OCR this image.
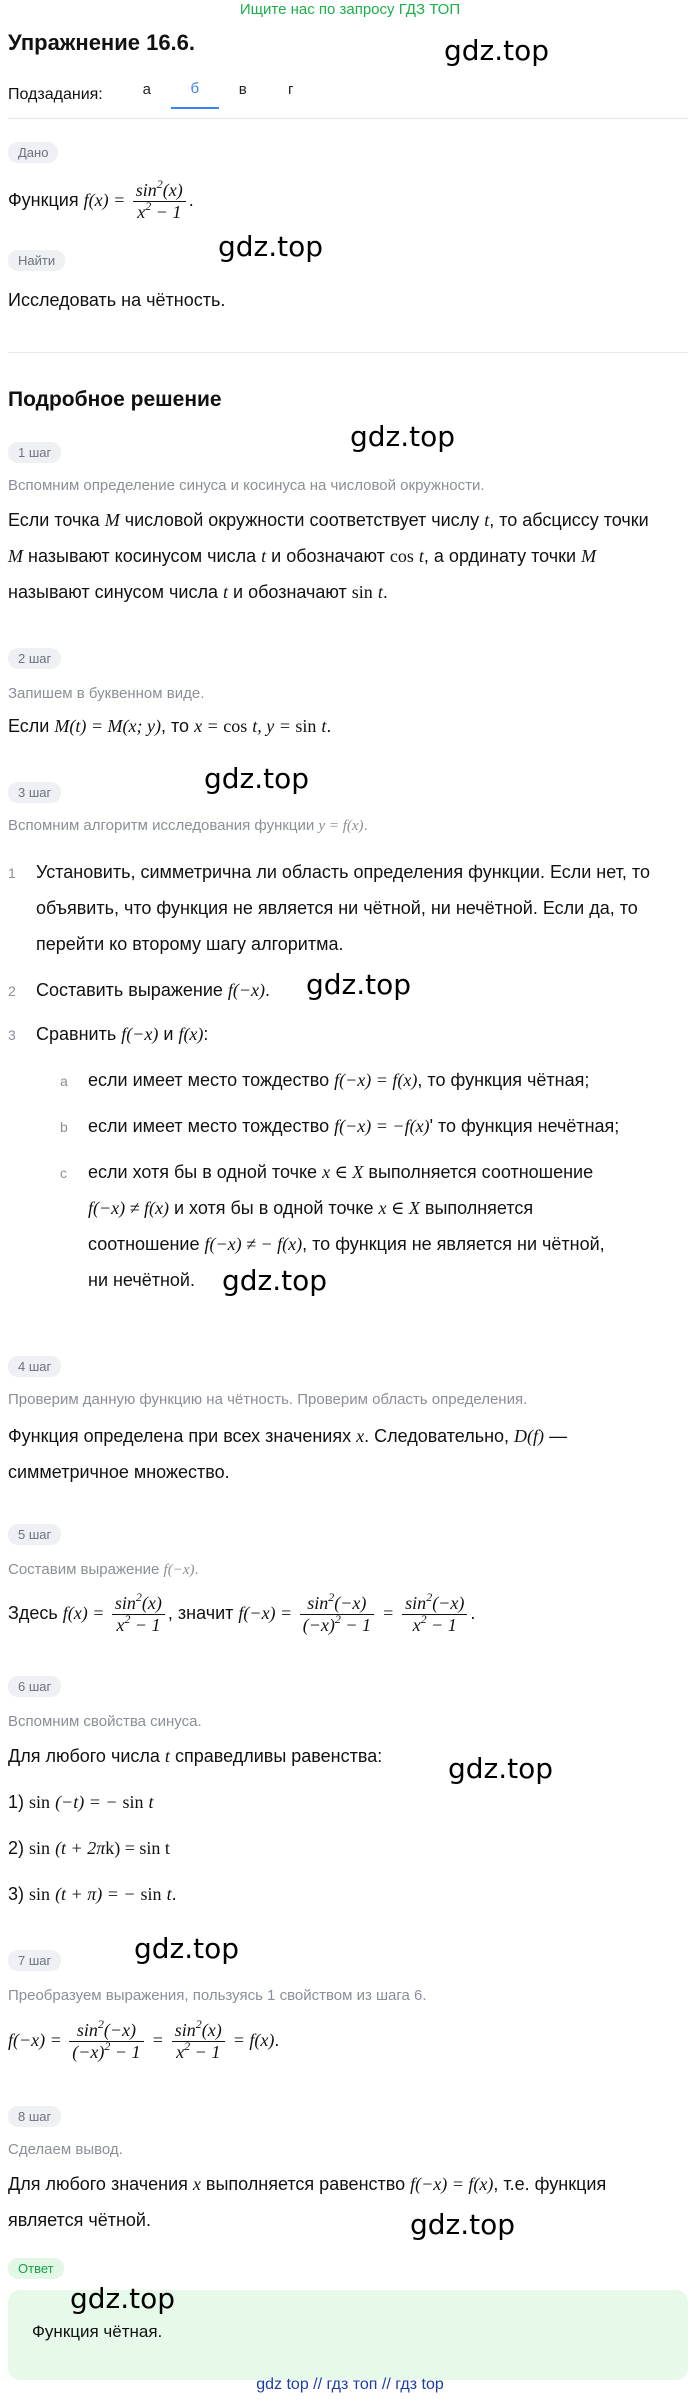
Ищите нас по запросу ГДЗ ТОП
Упражнение 16.6.	gdz.top
Подзадания:	а	б	в	г
Дано
Функция $f(x) = \frac{\sin^2(x)}{x^2 - 1}$ .
Найти	gdz.top
Исследовать на чётность.
Подробное решение
gdz.top
1 шаг
Вспомним определение синуса и косинуса на числовой окружности.
Если точка M числовой окружности соответствует числу t, то абсциссу точки
M называют косинусом числа t и обозначают cos t, а ординату точки M
называют синусом числа t и обозначают sin t.
2 шаг
Запишем в буквенном виде.
Если M(t) = M(x; y), то x = cos t, y = sin t.
gdz.top
3 шаг
Вспомним алгоритм исследования функции y = f(x).
1 Установить, симметрична ли область определения функции. Если нет, то
объявить, что функция не является ни чётной, ни нечётной. Если да, то
перейти ко второму шагу алгоритма.
2 Составить выражение f(−x). gdz.top
3 Сравнить f(−x) и f(x):
a если имеет место тождество f(−x) = f(x), то функция чётная;
b если имеет место тождество f(−x) = −f(x)' то функция нечётная;
c если хотя бы в одной точке x ∈ X выполняется соотношение
f(−x) ≠ f(x) и хотя бы в одной точке x ∈ X выполняется
соотношение f(−x) ≠ − f(x), то функция не является ни чётной,
ни нечётной. gdz.top
4 шаг
Проверим данную функцию на чётность. Проверим область определения.
Функция определена при всех значениях x. Следовательно, D(f) —
симметричное множество.
5 шаг
Составим выражение f(−x).
Здесь $f(x) = \frac{\sin^2(x)}{x^2 - 1}$ , значит $f(-x) = \frac{\sin^2(-x)}{(-x)^2 - 1} = \frac{\sin^2(-x)}{x^2 - 1}$ .
6 шаг
Вспомним свойства синуса.
Для любого числа t справедливы равенства: gdz.top
1) sin (−t) = − sin t
2) sin (t + 2πk) = sin t
3) sin (t + π) = − sin t.
gdz.top
7 шаг
Преобразуем выражения, пользуясь 1 свойством из шага 6.
$f(-x) = \frac{\sin^2(-x)}{(-x)^2 - 1} = \frac{\sin^2(x)}{x^2 - 1} = f(x)$.
8 шаг
Сделаем вывод.
Для любого значения x выполняется равенство f(−x) = f(x), т.е. функция
является чётной.	gdz.top
Ответ
gdz.top
Функция чётная.
gdz top // гдз топ // гдз top
